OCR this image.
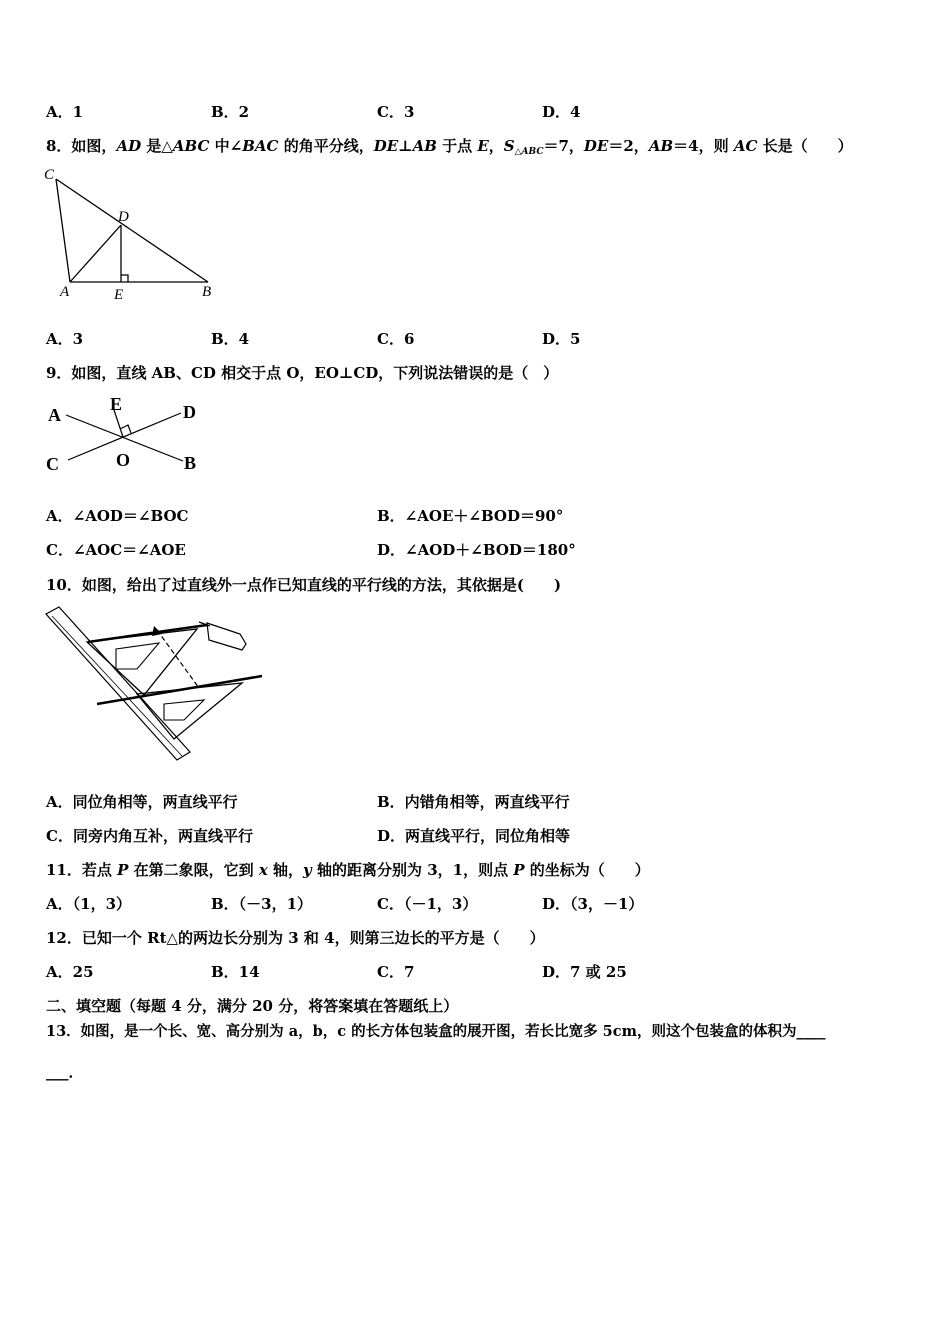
A．1	B．2	C．3	D．4
8．如图，AD 是△ABC 中∠BAC 的角平分线，DE⊥AB 于点 E，$S_{\triangle ABC}=7$，DE＝2，AB＝4，则 AC 长是（　　）
C
D
A	E	B
A．3	B．4	C．6	D．5
9．如图，直线 AB、CD 相交于点 O，EO⊥CD，下列说法错误的是（　）
A
E	D
C	O	B
A．∠AOD＝∠BOC	B．∠AOE＋∠BOD＝90°
C．∠AOC＝∠AOE	D．∠AOD＋∠BOD＝180°
10．如图，给出了过直线外一点作已知直线的平行线的方法，其依据是(　　)
A．同位角相等，两直线平行	B．内错角相等，两直线平行
C．同旁内角互补，两直线平行	D．两直线平行，同位角相等
11．若点 P 在第二象限，它到 x 轴，y 轴的距离分别为 3，1，则点 P 的坐标为（　　）
A．（1，3）	B．（－3，1）	C．（－1，3）	D．（3，－1）
12．已知一个 Rt△的两边长分别为 3 和 4，则第三边长的平方是（　　）
A．25	B．14	C．7	D．7 或 25
二、填空题（每题 4 分，满分 20 分，将答案填在答题纸上）
13．如图，是一个长、宽、高分别为 a，b，c 的长方体包装盒的展开图，若长比宽多 5cm，则这个包装盒的体积为____
___．
